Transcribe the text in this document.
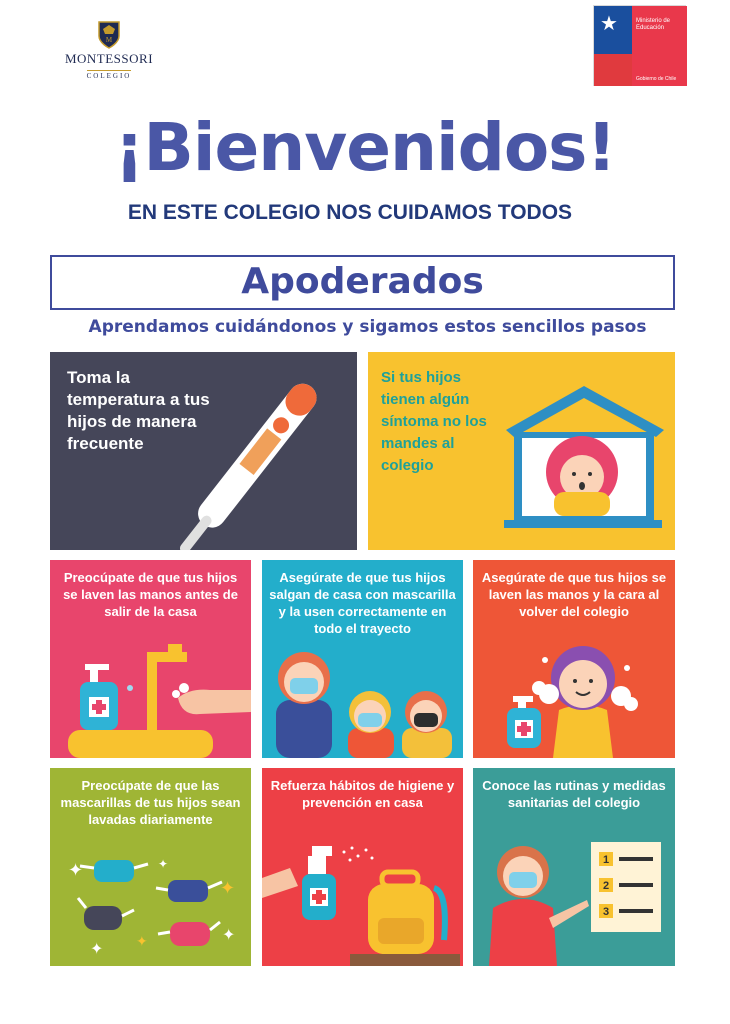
M
MONTESSORI
COLEGIO
★	Ministerio de Educación
Gobierno de Chile
¡Bienvenidos!
EN ESTE COLEGIO NOS CUIDAMOS TODOS
Apoderados
Aprendamos cuidándonos y sigamos estos sencillos pasos
Toma la temperatura a tus hijos de manera frecuente
Si tus hijos tienen algún síntoma no los mandes al colegio
Preocúpate de que tus hijos se laven las manos antes de salir de la casa
Asegúrate de que tus hijos salgan de casa con mascarilla y la usen correctamente en todo el trayecto
Asegúrate de que tus hijos se laven las manos y la cara al volver del colegio
✦
✦
✦ ✦	✦
✦
Preocúpate de que las mascarillas de tus hijos sean lavadas diariamente
Refuerza hábitos de higiene y prevención en casa
1
2
3
Conoce las rutinas y medidas sanitarias del colegio
